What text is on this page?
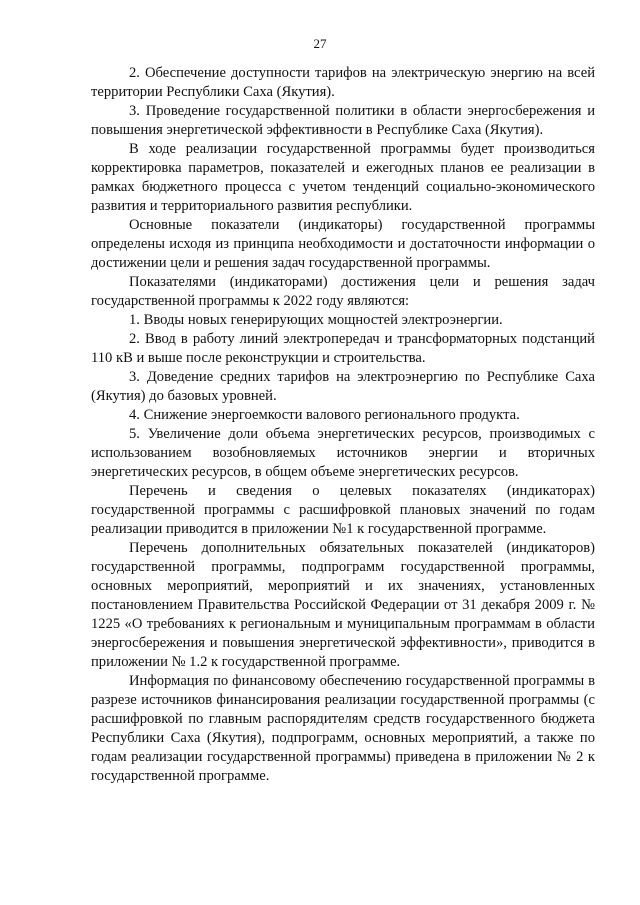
27

2. Обеспечение доступности тарифов на электрическую энергию на всей территории Республики Саха (Якутия).

3. Проведение государственной политики в области энергосбережения и повышения энергетической эффективности в Республике Саха (Якутия).

В ходе реализации государственной программы будет производиться корректировка параметров, показателей и ежегодных планов ее реализации в рамках бюджетного процесса с учетом тенденций социально-экономического развития и территориального развития республики.

Основные показатели (индикаторы) государственной программы определены исходя из принципа необходимости и достаточности информации о достижении цели и решения задач государственной программы.

Показателями (индикаторами) достижения цели и решения задач государственной программы к 2022 году являются:

1. Вводы новых генерирующих мощностей электроэнергии.

2. Ввод в работу линий электропередач и трансформаторных подстанций 110 кВ и выше после реконструкции и строительства.

3. Доведение средних тарифов на электроэнергию по Республике Саха (Якутия) до базовых уровней.

4. Снижение энергоемкости валового регионального продукта.

5. Увеличение доли объема энергетических ресурсов, производимых с использованием возобновляемых источников энергии и вторичных энергетических ресурсов, в общем объеме энергетических ресурсов.

Перечень и сведения о целевых показателях (индикаторах) государственной программы с расшифровкой плановых значений по годам реализации приводится в приложении №1 к государственной программе.

Перечень дополнительных обязательных показателей (индикаторов) государственной программы, подпрограмм государственной программы, основных мероприятий, мероприятий и их значениях, установленных постановлением Правительства Российской Федерации от 31 декабря 2009 г. № 1225 «О требованиях к региональным и муниципальным программам в области энергосбережения и повышения энергетической эффективности», приводится в приложении № 1.2 к государственной программе.

Информация по финансовому обеспечению государственной программы в разрезе источников финансирования реализации государственной программы (с расшифровкой по главным распорядителям средств государственного бюджета Республики Саха (Якутия), подпрограмм, основных мероприятий, а также по годам реализации государственной программы) приведена в приложении № 2 к государственной программе.
